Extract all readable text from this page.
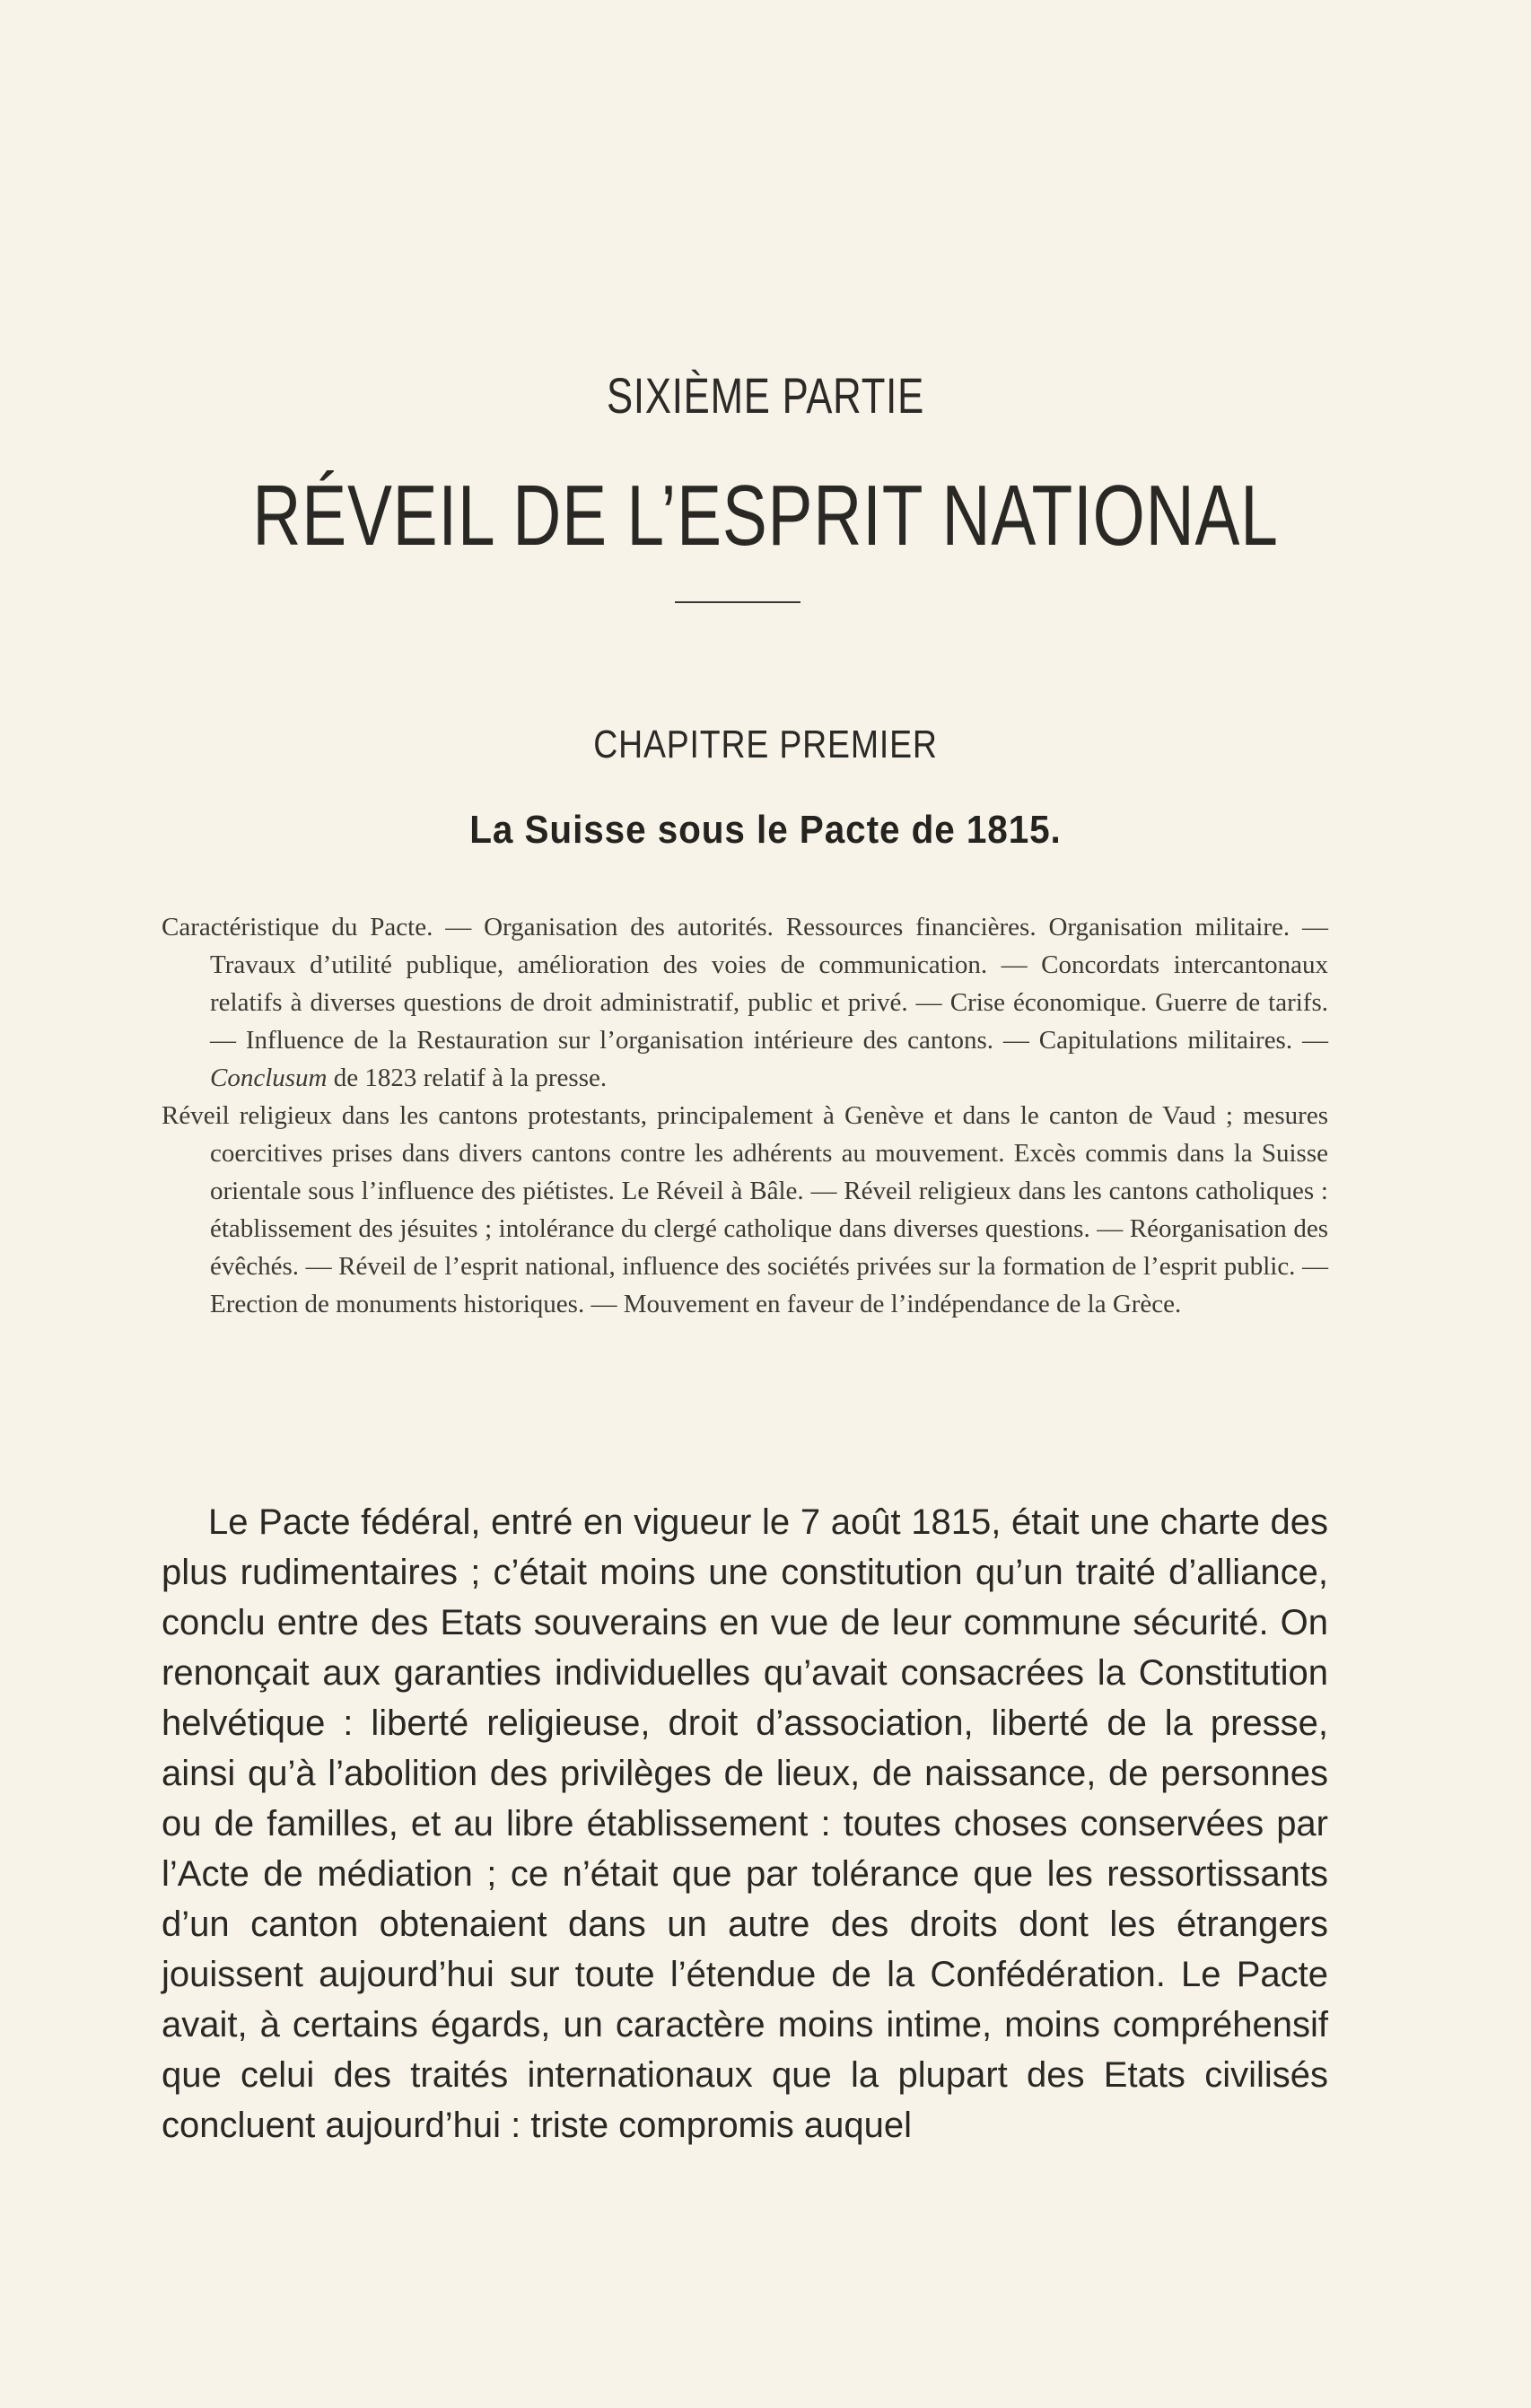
SIXIÈME PARTIE
RÉVEIL DE L’ESPRIT NATIONAL
CHAPITRE PREMIER
La Suisse sous le Pacte de 1815.

Caractéristique du Pacte. — Organisation des autorités. Ressources financières. Organisation militaire. — Travaux d’utilité publique, amélioration des voies de communication. — Concordats intercantonaux relatifs à diverses questions de droit administratif, public et privé. — Crise économique. Guerre de tarifs. — Influence de la Restauration sur l’organisation intérieure des cantons. — Capitulations militaires. — Conclusum de 1823 relatif à la presse.

Réveil religieux dans les cantons protestants, principalement à Genève et dans le canton de Vaud ; mesures coercitives prises dans divers cantons contre les adhérents au mouvement. Excès commis dans la Suisse orientale sous l’influence des piétistes. Le Réveil à Bâle. — Réveil religieux dans les cantons catholiques : établissement des jésuites ; intolérance du clergé catholique dans diverses questions. — Réorganisation des évêchés. — Réveil de l’esprit national, influence des sociétés privées sur la formation de l’esprit public. — Erection de monuments historiques. — Mouvement en faveur de l’indépendance de la Grèce.

Le Pacte fédéral, entré en vigueur le 7 août 1815, était une charte des plus rudimentaires ; c’était moins une constitution qu’un traité d’alliance, conclu entre des Etats souverains en vue de leur commune sécurité. On renonçait aux garanties individuelles qu’avait consacrées la Constitution helvétique : liberté religieuse, droit d’association, liberté de la presse, ainsi qu’à l’abolition des privilèges de lieux, de naissance, de personnes ou de familles, et au libre établissement : toutes choses conservées par l’Acte de médiation ; ce n’était que par tolérance que les ressortissants d’un canton obtenaient dans un autre des droits dont les étrangers jouissent aujourd’hui sur toute l’étendue de la Confédération. Le Pacte avait, à certains égards, un caractère moins intime, moins compréhensif que celui des traités internationaux que la plupart des Etats civilisés concluent aujourd’hui : triste compromis auquel
